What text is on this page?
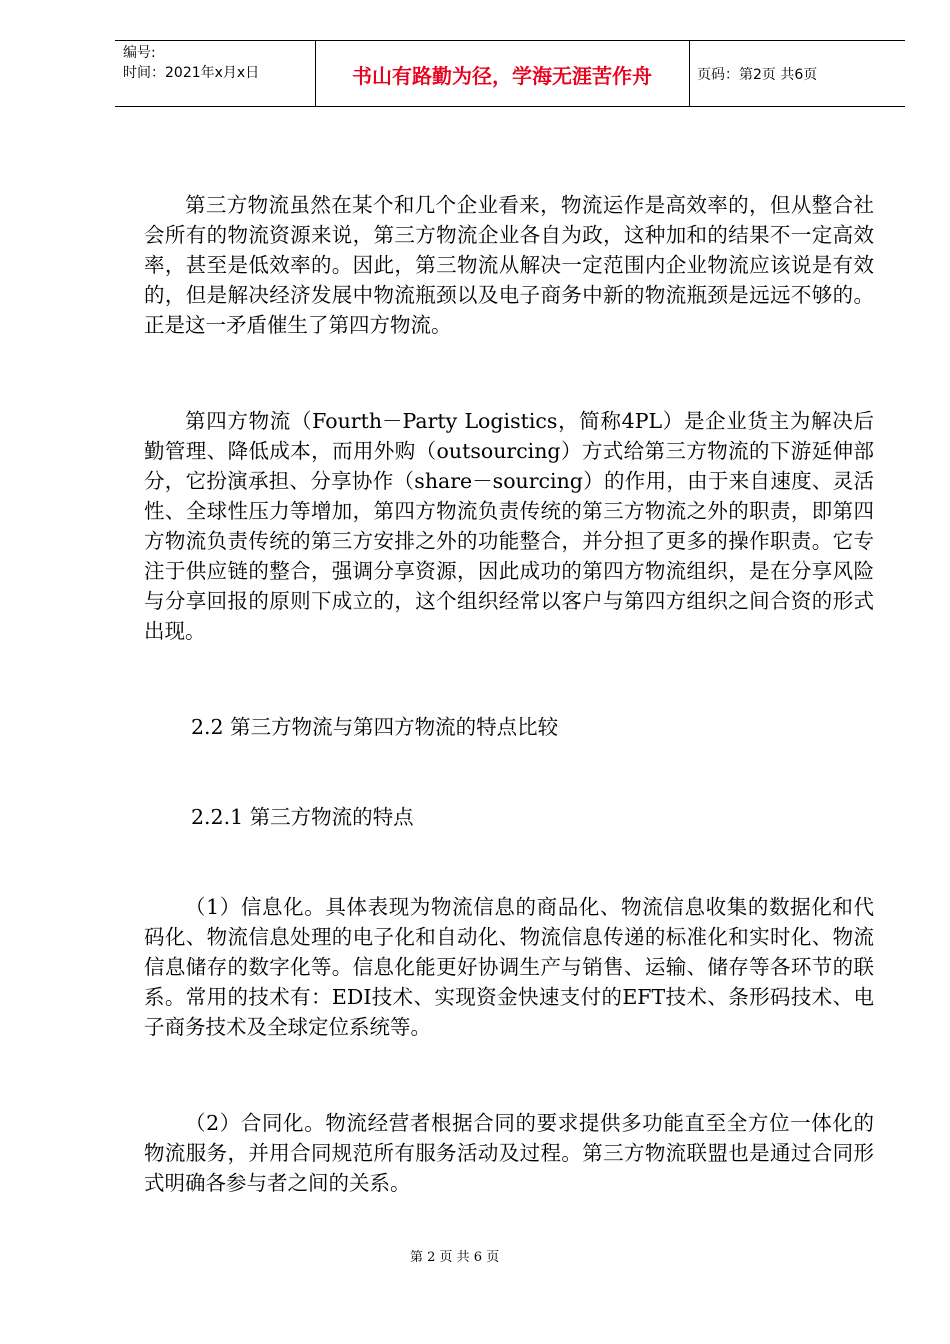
编号:
时间：2021年x月x日	书山有路勤为径，学海无涯苦作舟	页码：第2页 共6页

第三方物流虽然在某个和几个企业看来，物流运作是高效率的，但从整合社会所有的物流资源来说，第三方物流企业各自为政，这种加和的结果不一定高效率，甚至是低效率的。因此，第三物流从解决一定范围内企业物流应该说是有效的，但是解决经济发展中物流瓶颈以及电子商务中新的物流瓶颈是远远不够的。正是这一矛盾催生了第四方物流。

第四方物流（Fourth－Party Logistics，简称4PL）是企业货主为解决后勤管理、降低成本，而用外购（outsourcing）方式给第三方物流的下游延伸部分，它扮演承担、分享协作（share－sourcing）的作用，由于来自速度、灵活性、全球性压力等增加，第四方物流负责传统的第三方物流之外的职责，即第四方物流负责传统的第三方安排之外的功能整合，并分担了更多的操作职责。它专注于供应链的整合，强调分享资源，因此成功的第四方物流组织，是在分享风险与分享回报的原则下成立的，这个组织经常以客户与第四方组织之间合资的形式出现。

2.2 第三方物流与第四方物流的特点比较

2.2.1 第三方物流的特点

（1）信息化。具体表现为物流信息的商品化、物流信息收集的数据化和代码化、物流信息处理的电子化和自动化、物流信息传递的标准化和实时化、物流信息储存的数字化等。信息化能更好协调生产与销售、运输、储存等各环节的联系。常用的技术有：EDI技术、实现资金快速支付的EFT技术、条形码技术、电子商务技术及全球定位系统等。

（2）合同化。物流经营者根据合同的要求提供多功能直至全方位一体化的物流服务，并用合同规范所有服务活动及过程。第三方物流联盟也是通过合同形式明确各参与者之间的关系。

第 2 页 共 6 页
